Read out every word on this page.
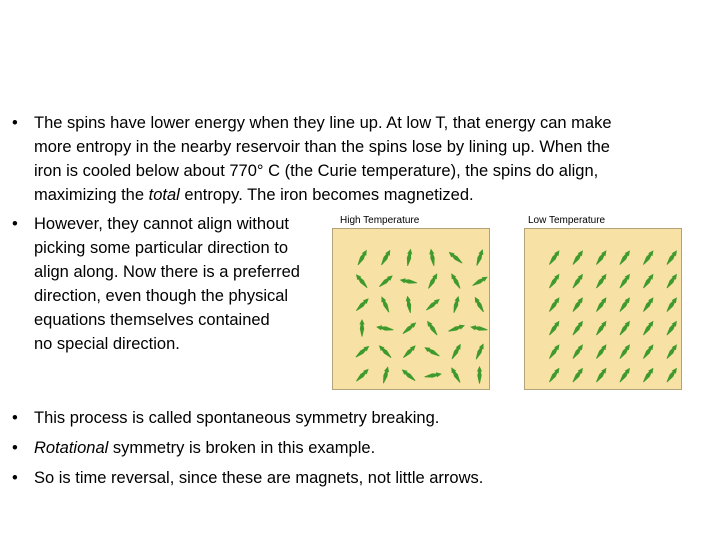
• The spins have lower energy when they line up. At low T, that energy can make
more entropy in the nearby reservoir than the spins lose by lining up. When the
iron is cooled below about 770° C (the Curie temperature), the spins do align,
maximizing the total entropy. The iron becomes magnetized.
• However, they cannot align without
picking some particular direction to
align along. Now there is a preferred
direction, even though the physical
equations themselves contained
no special direction.
• This process is called spontaneous symmetry breaking.
• Rotational symmetry is broken in this example.
• So is time reversal, since these are magnets, not little arrows.
High Temperature	Low Temperature
